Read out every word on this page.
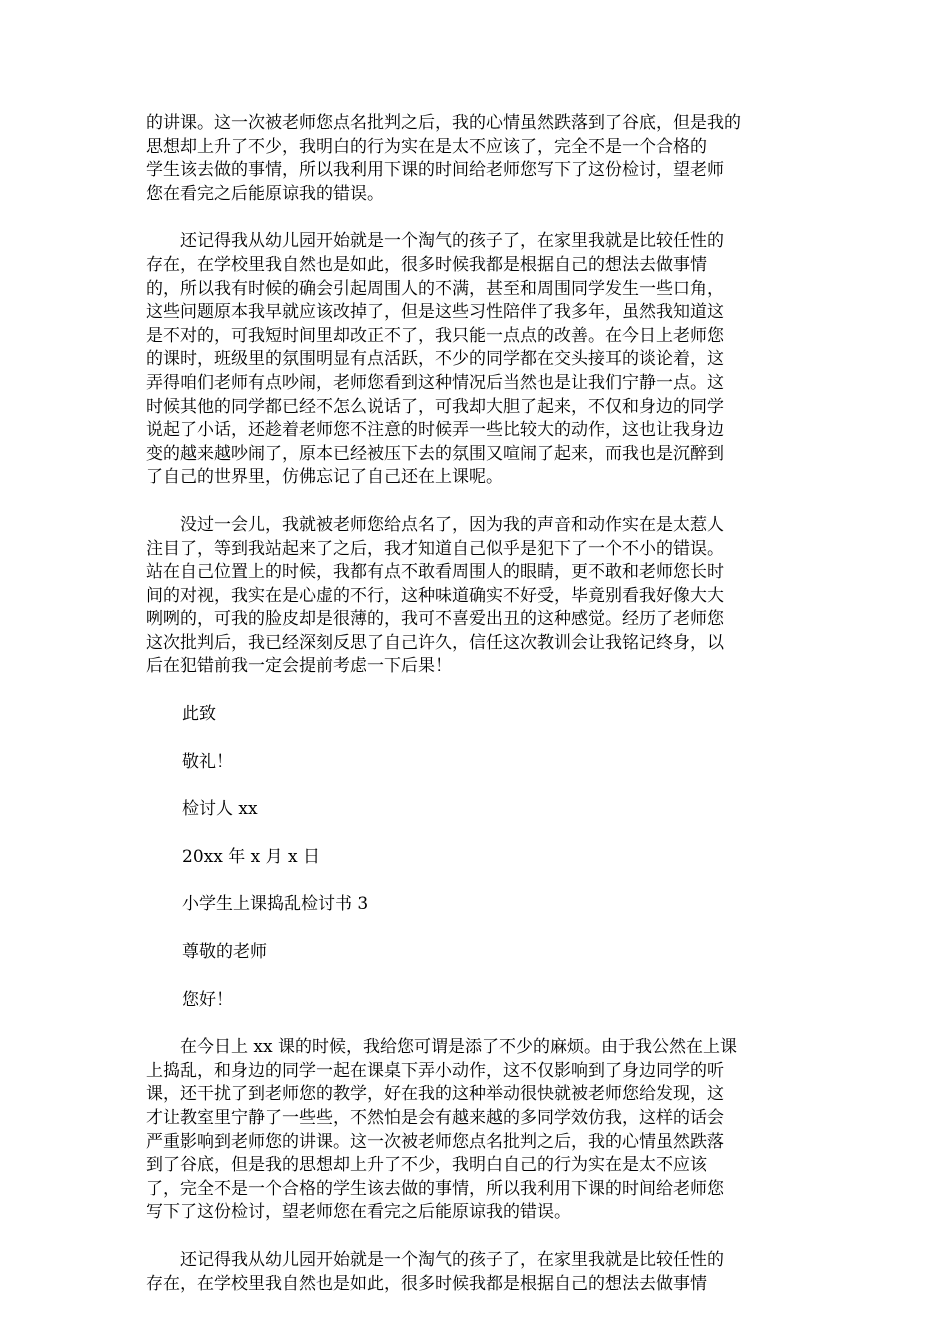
的讲课。这一次被老师您点名批判之后，我的心情虽然跌落到了谷底，但是我的
思想却上升了不少，我明白的行为实在是太不应该了，完全不是一个合格的
学生该去做的事情，所以我利用下课的时间给老师您写下了这份检讨，望老师
您在看完之后能原谅我的错误。

　　还记得我从幼儿园开始就是一个淘气的孩子了，在家里我就是比较任性的
存在，在学校里我自然也是如此，很多时候我都是根据自己的想法去做事情
的，所以我有时候的确会引起周围人的不满，甚至和周围同学发生一些口角，
这些问题原本我早就应该改掉了，但是这些习性陪伴了我多年，虽然我知道这
是不对的，可我短时间里却改正不了，我只能一点点的改善。在今日上老师您
的课时，班级里的氛围明显有点活跃，不少的同学都在交头接耳的谈论着，这
弄得咱们老师有点吵闹，老师您看到这种情况后当然也是让我们宁静一点。这
时候其他的同学都已经不怎么说话了，可我却大胆了起来，不仅和身边的同学
说起了小话，还趁着老师您不注意的时候弄一些比较大的动作，这也让我身边
变的越来越吵闹了，原本已经被压下去的氛围又喧闹了起来，而我也是沉醉到
了自己的世界里，仿佛忘记了自己还在上课呢。

　　没过一会儿，我就被老师您给点名了，因为我的声音和动作实在是太惹人
注目了，等到我站起来了之后，我才知道自己似乎是犯下了一个不小的错误。
站在自己位置上的时候，我都有点不敢看周围人的眼睛，更不敢和老师您长时
间的对视，我实在是心虚的不行，这种味道确实不好受，毕竟别看我好像大大
咧咧的，可我的脸皮却是很薄的，我可不喜爱出丑的这种感觉。经历了老师您
这次批判后，我已经深刻反思了自己许久，信任这次教训会让我铭记终身，以
后在犯错前我一定会提前考虑一下后果！

此致

敬礼！

检讨人 xx

20xx 年 x 月 x 日

小学生上课捣乱检讨书 3

尊敬的老师

您好！

　　在今日上 xx 课的时候，我给您可谓是添了不少的麻烦。由于我公然在上课
上捣乱，和身边的同学一起在课桌下弄小动作，这不仅影响到了身边同学的听
课，还干扰了到老师您的教学，好在我的这种举动很快就被老师您给发现，这
才让教室里宁静了一些些，不然怕是会有越来越的多同学效仿我，这样的话会
严重影响到老师您的讲课。这一次被老师您点名批判之后，我的心情虽然跌落
到了谷底，但是我的思想却上升了不少，我明白自己的行为实在是太不应该
了，完全不是一个合格的学生该去做的事情，所以我利用下课的时间给老师您
写下了这份检讨，望老师您在看完之后能原谅我的错误。

　　还记得我从幼儿园开始就是一个淘气的孩子了，在家里我就是比较任性的
存在，在学校里我自然也是如此，很多时候我都是根据自己的想法去做事情
